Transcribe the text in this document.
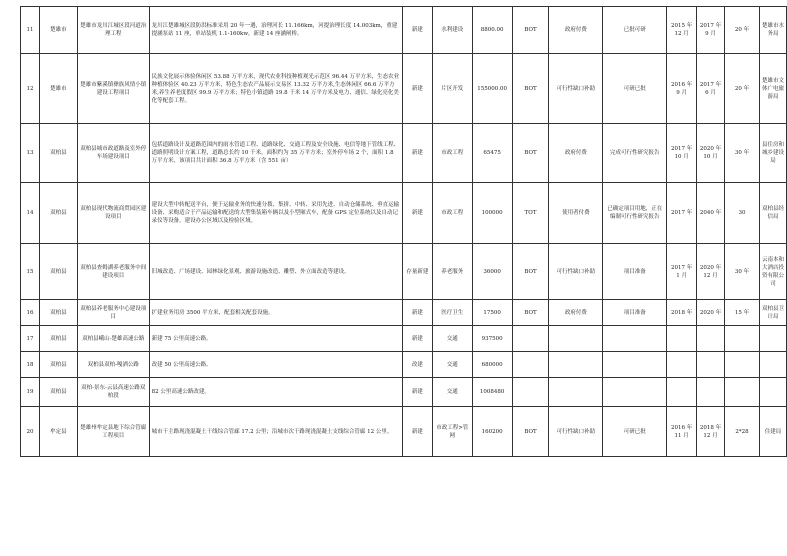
11	楚雄市	楚雄市龙川江城区段河道治理工程	龙川江楚雄城区段防洪标准采用 20 年一遇，治理河长 11.166km，河提治理长度 14.003km，重建提涵泵站 11 座，单站装机 1.1-160kw，新建 14 座涵闸桥。	新建	水利建设	8800.00	BOT	政府付费	已批可研	2015 年 12 月	2017 年 9 月	20 年	楚雄市水务局
12	楚雄市	楚雄市紫溪镇彝族风情小镇建设工程项目	民族文化展示体验休闲区 53.88 万平方米，现代农业科技种植观光示范区 96.44 万平方米，生态农业种植体验区 40.23 万平方米，特色生态农产品展示交易区 13.32 万平方米,生态休闲区 66.6 万平方米,养生养老度假区 99.9 万平方米；特色小镇道路 19.8 千米 14 万平方米及电力、通信、绿化亮化美化等配套工程。	新建	片区开发	155000.00	BOT	可行性缺口补助	可研已批	2016 年 9 月	2017 年 6 月	20 年	楚雄市文体广电旅游局
13	双柏县	双柏县城市政道路及室外停车场建设项目	包括道路设计及道路范围内的雨水管道工程、道路绿化、交通工程及安全设施、电信等地下管线工程、道路照明设计方案工程，道路总长约 10 千米，面积约为 35 万平方米；室外停车场 2 个，面积 1.8 万平方米，该项目共计面积 36.8 万平方米（含 551 亩）	新建	市政工程	65475	BOT	政府付费	完成可行性研究报告	2017 年 10 月	2020 年 10 月	30 年	县住房和城乡建设局
14	双柏县	双柏县现代物流商贸园区建设项目	建设大型中转配送平台，便于运输业务的快速分拨、集拼、中转、采用先进、自动仓储系统、垂直运输设备、采购适合于产品运输和配送的大型集装箱车辆以及小型厢式车，配备 GPS 定位系统以及自动记录仪等设备，建设办公区域以及检验区域。	新建	市政工程	100000	TOT	使用者付费	已确定项目用地，正在编制可行性研究报告	2017 年	2040 年	30	双柏县经信局
15	双柏县	双柏县查姆湖养老服务中间建设项目	旧城改造、广场建设、园林绿化景观、旅游设施改造、雕塑、外立面改造等建设。	存量新建	养老服务	36000	BOT	可行性缺口补助	项目准备	2017 年 1 月	2020 年 12 月	30 年	云南本和大酒店投资有限公司
16	双柏县	双柏县养老服务中心建设项目	扩建业务用房 3500 平方米，配套相关配套设施。	新建	医疗卫生	17500	BOT	政府付费	项目准备	2018 年	2020 年	15 年	双柏县卫计局
17	双柏县	双柏县峨山-楚雄高速公路	新建 75 公里高速公路。	新建	交通	937500							
18	双柏县	双柏县双柏-嘎洒公路	改建 50 公里高速公路。	改建	交通	680000							
19	双柏县	双柏-景东-云县高速公路双柏段	82 公里高速公路改建。	新建	交通	1008480							
20	牟定县	楚雄州牟定县地下综合管廊工程项目	城市干主路现浇混凝土干线综合管廊 17.2 公里；沿城市次干路现浇混凝土支线综合管廊 12 公里。	新建	市政工程>管网	160200	BOT	可行性缺口补助	可研已批	2016 年 11 月	2018 年 12 月	2*28	住建局
